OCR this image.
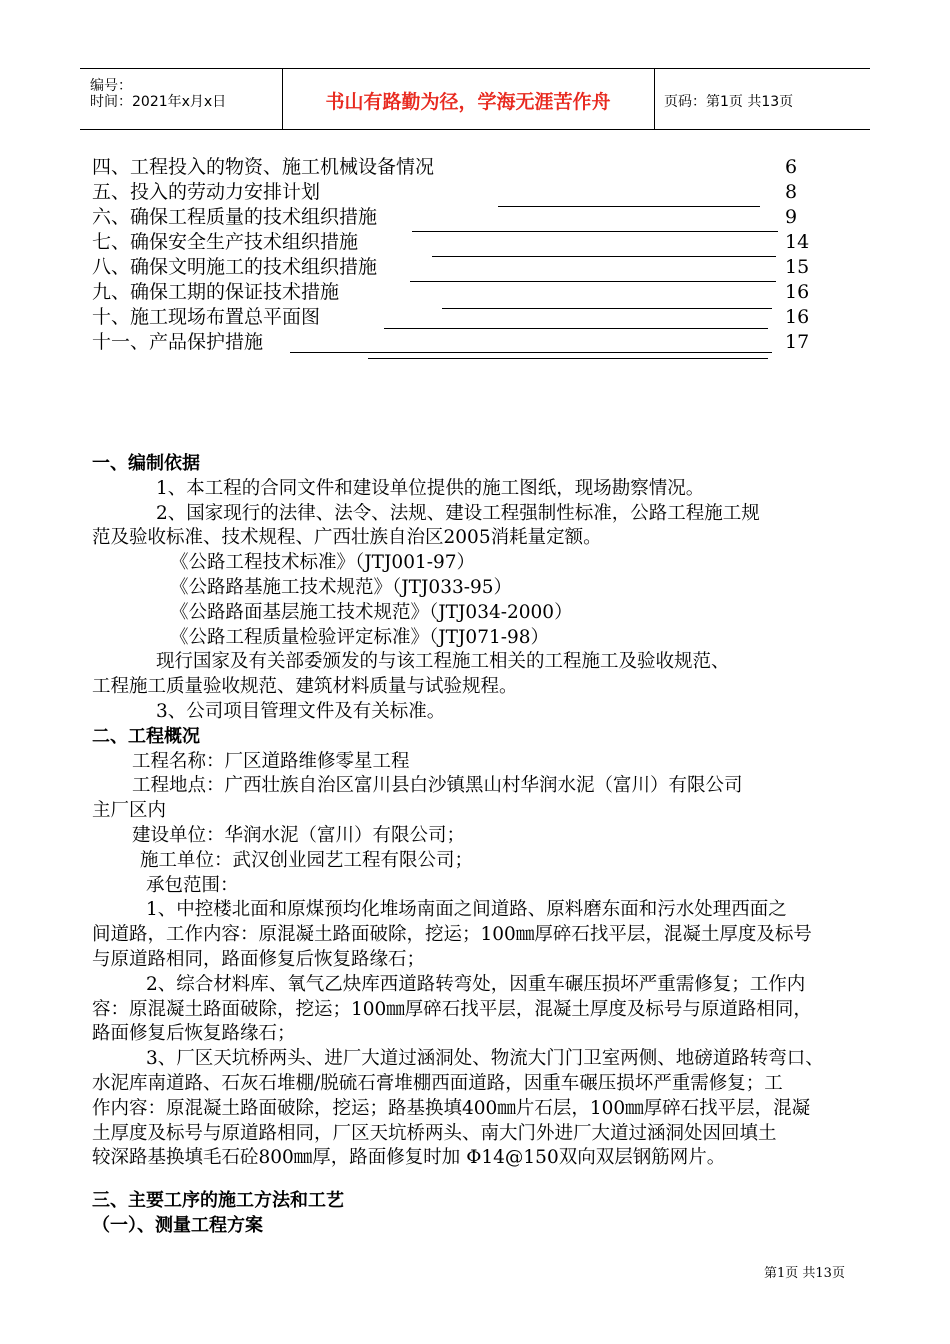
编号：
时间：2021年x月x日	书山有路勤为径，学海无涯苦作舟	页码：第1页 共13页
四、工程投入的物资、施工机械设备情况	6
五、投入的劳动力安排计划	8
六、确保工程质量的技术组织措施	9
七、确保安全生产技术组织措施	14
八、确保文明施工的技术组织措施	15
九、确保工期的保证技术措施	16
十、施工现场布置总平面图	16
十一、产品保护措施	17
一、编制依据
1、本工程的合同文件和建设单位提供的施工图纸，现场勘察情况。
2、国家现行的法律、法令、法规、建设工程强制性标准，公路工程施工规
范及验收标准、技术规程、广西壮族自治区2005消耗量定额。
《公路工程技术标准》（JTJ001-97）
《公路路基施工技术规范》（JTJ033-95）
《公路路面基层施工技术规范》（JTJ034-2000）
《公路工程质量检验评定标准》（JTJ071-98）
现行国家及有关部委颁发的与该工程施工相关的工程施工及验收规范、
工程施工质量验收规范、建筑材料质量与试验规程。
3、公司项目管理文件及有关标准。
二、工程概况
工程名称：厂区道路维修零星工程
工程地点：广西壮族自治区富川县白沙镇黑山村华润水泥（富川）有限公司
主厂区内
建设单位：华润水泥（富川）有限公司；
施工单位：武汉创业园艺工程有限公司；
承包范围：
1、中控楼北面和原煤预均化堆场南面之间道路、原料磨东面和污水处理西面之
间道路，工作内容：原混凝土路面破除，挖运；100㎜厚碎石找平层，混凝土厚度及标号
与原道路相同，路面修复后恢复路缘石；
2、综合材料库、氧气乙炔库西道路转弯处，因重车碾压损坏严重需修复；工作内
容：原混凝土路面破除，挖运；100㎜厚碎石找平层，混凝土厚度及标号与原道路相同，
路面修复后恢复路缘石；
3、厂区天坑桥两头、进厂大道过涵洞处、物流大门门卫室两侧、地磅道路转弯口、
水泥库南道路、石灰石堆棚/脱硫石膏堆棚西面道路，因重车碾压损坏严重需修复；工
作内容：原混凝土路面破除，挖运；路基换填400㎜片石层，100㎜厚碎石找平层，混凝
土厚度及标号与原道路相同，厂区天坑桥两头、南大门外进厂大道过涵洞处因回填土
较深路基换填毛石砼800㎜厚，路面修复时加 Φ14@150双向双层钢筋网片。
三、主要工序的施工方法和工艺
（一）、测量工程方案
第1页 共13页
